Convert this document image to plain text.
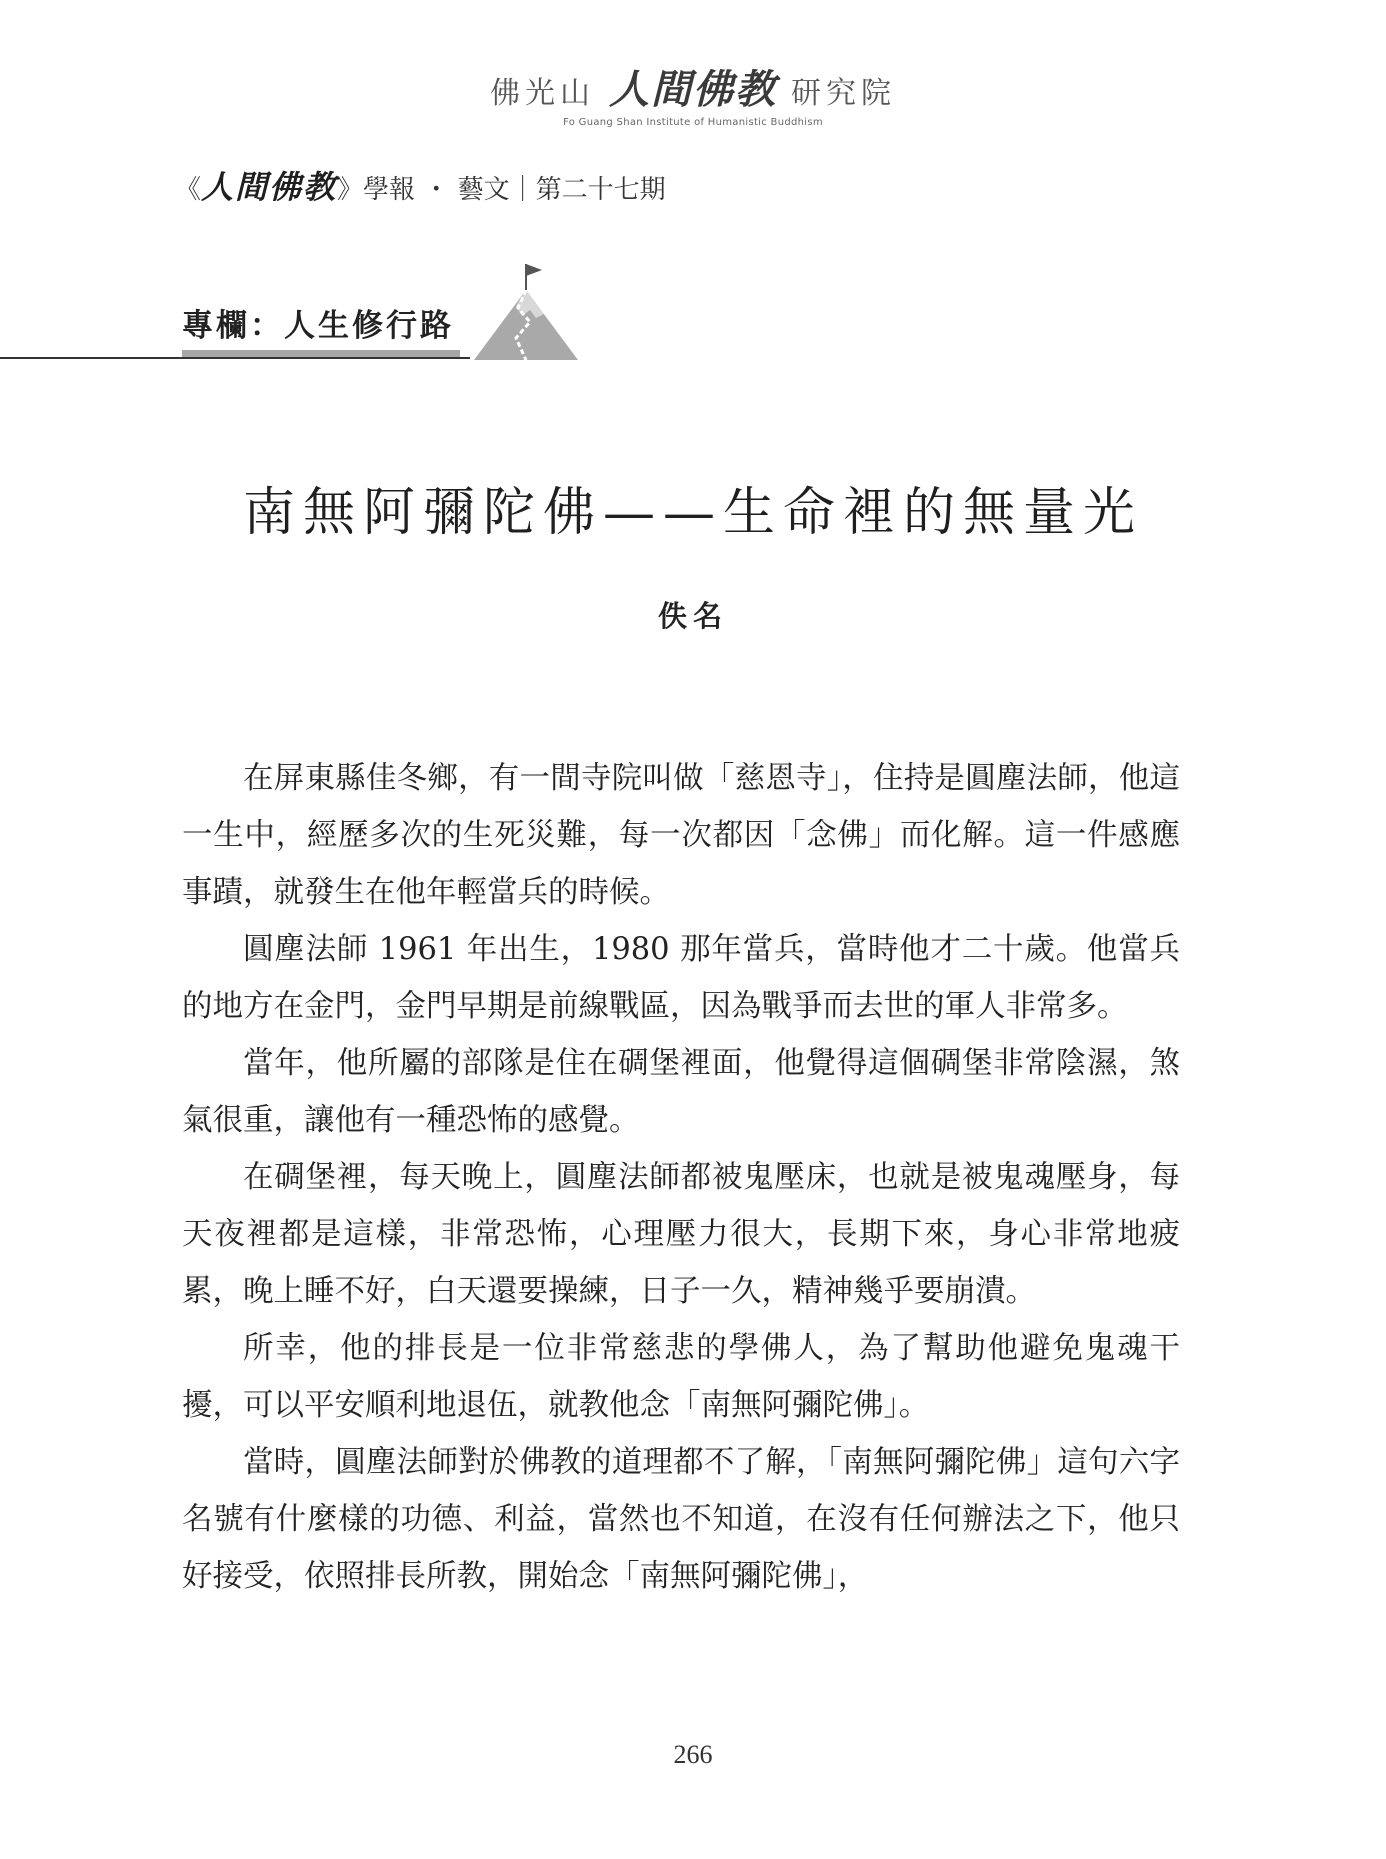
佛光山 人間佛教 研究院
Fo Guang Shan Institute of Humanistic Buddhism
《 人間佛教 》 學報 ・ 藝文｜第二十七期
專欄：人生修行路
南無阿彌陀佛——生命裡的無量光
佚名

在屏東縣佳冬鄉，有一間寺院叫做「慈恩寺」，住持是圓塵法師，他這一生中，經歷多次的生死災難，每一次都因「念佛」而化解。這一件感應事蹟，就發生在他年輕當兵的時候。

圓塵法師 1961 年出生，1980 那年當兵，當時他才二十歲。他當兵的地方在金門，金門早期是前線戰區，因為戰爭而去世的軍人非常多。

當年，他所屬的部隊是住在碉堡裡面，他覺得這個碉堡非常陰濕，煞氣很重，讓他有一種恐怖的感覺。

在碉堡裡，每天晚上，圓塵法師都被鬼壓床，也就是被鬼魂壓身，每天夜裡都是這樣，非常恐怖，心理壓力很大，長期下來，身心非常地疲累，晚上睡不好，白天還要操練，日子一久，精神幾乎要崩潰。

所幸，他的排長是一位非常慈悲的學佛人，為了幫助他避免鬼魂干擾，可以平安順利地退伍，就教他念「南無阿彌陀佛」。

當時，圓塵法師對於佛教的道理都不了解，「南無阿彌陀佛」這句六字名號有什麼樣的功德、利益，當然也不知道，在沒有任何辦法之下，他只好接受，依照排長所教，開始念「南無阿彌陀佛」，

266
